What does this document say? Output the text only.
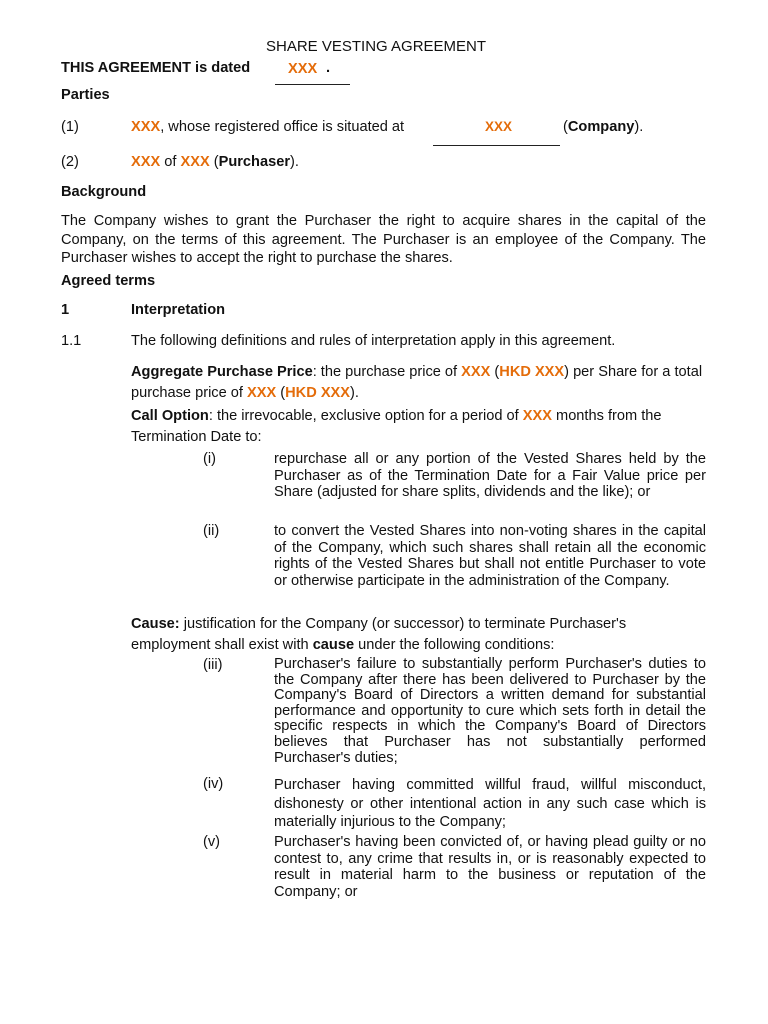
SHARE VESTING AGREEMENT
THIS AGREEMENT is dated	XXX .
Parties
(1)	XXX, whose registered office is situated at	XXX	(Company).
(2)	XXX of XXX (Purchaser).
Background

The Company wishes to grant the Purchaser the right to acquire shares in the capital of the Company, on the terms of this agreement. The Purchaser is an employee of the Company. The Purchaser wishes to accept the right to purchase the shares.

Agreed terms
1	Interpretation
1.1	The following definitions and rules of interpretation apply in this agreement.

Aggregate Purchase Price: the purchase price of XXX (HKD XXX) per Share for a total purchase price of XXX (HKD XXX).

Call Option: the irrevocable, exclusive option for a period of XXX months from the Termination Date to:

(i)	repurchase all or any portion of the Vested Shares held by the Purchaser as of the Termination Date for a Fair Value price per Share (adjusted for share splits, dividends and the like); or

(ii)	to convert the Vested Shares into non-voting shares in the capital of the Company, which such shares shall retain all the economic rights of the Vested Shares but shall not entitle Purchaser to vote or otherwise participate in the administration of the Company.

Cause: justification for the Company (or successor) to terminate Purchaser's employment shall exist with cause under the following conditions:

(iii)	Purchaser's failure to substantially perform Purchaser's duties to the Company after there has been delivered to Purchaser by the Company's Board of Directors a written demand for substantial performance and opportunity to cure which sets forth in detail the specific respects in which the Company's Board of Directors believes that Purchaser has not substantially performed Purchaser's duties;

(iv)	Purchaser having committed willful fraud, willful misconduct, dishonesty or other intentional action in any such case which is materially injurious to the Company;

(v)	Purchaser's having been convicted of, or having plead guilty or no contest to, any crime that results in, or is reasonably expected to result in material harm to the business or reputation of the Company; or
